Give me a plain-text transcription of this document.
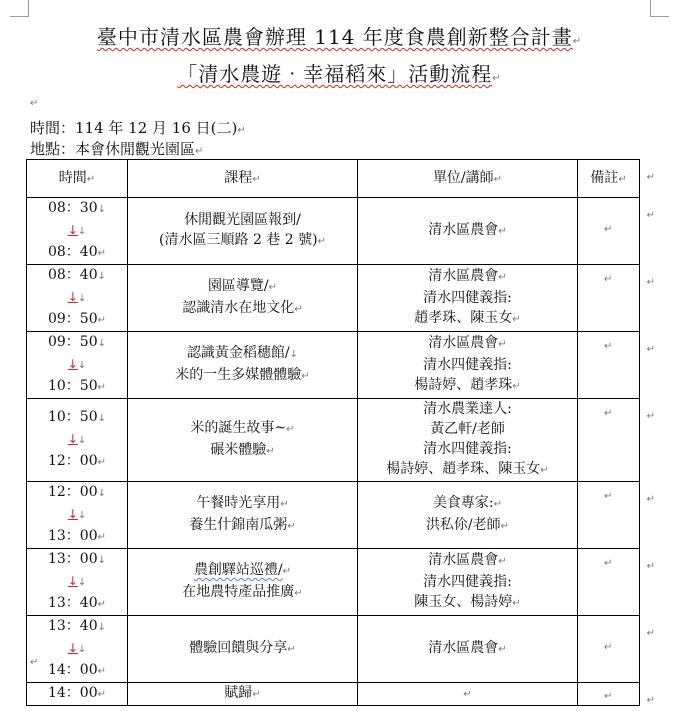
臺中市清水區農會辦理 114 年度食農創新整合計畫↵
「清水農遊‧幸福稻來」活動流程↵
↵
時間：114 年 12 月 16 日(二)↵
地點：本會休閒觀光園區↵
時間↵	課程↵	單位/講師↵	備註↵ ↵

08：30↓
↓↓
08：40↵	休閒觀光園區報到/
(清水區三順路 2 巷 2 號)↵	清水區農會↵	↵
↵

08：40↓
↓↓
09：50↵	園區導覽/↵
認識清水在地文化↵	清水區農會↵
清水四健義指:
趙孝珠、陳玉女↵	↵ ↵

09：50↓
↓↓
10：50↵	認識黃金稻穗館/↓
米的一生多媒體體驗↵	清水區農會↵
清水四健義指:
楊詩婷、趙孝珠↵	↵ ↵

10：50↓
↓↓
12：00↵	米的誕生故事~↵
碾米體驗↵	清水農業達人:
黃乙軒/老師
清水四健義指:
楊詩婷、趙孝珠、陳玉女↵	↵ ↵

12：00↓
↓↓
13：00↵	午餐時光享用↵
養生什錦南瓜粥↵	美食專家:↵
洪私伱/老師↵	↵ ↵

13：00↓
↓↓
13：40↵	農創驛站巡禮/↵
在地農特產品推廣↵	清水區農會↵
清水四健義指:
陳玉女、楊詩婷↵	↵ ↵

13：40↓
↓↓
14：00↵	體驗回饋與分享↵	清水區農會↵	↵
↵

14：00↵	賦歸↵	↵	↵ ↵
↵
